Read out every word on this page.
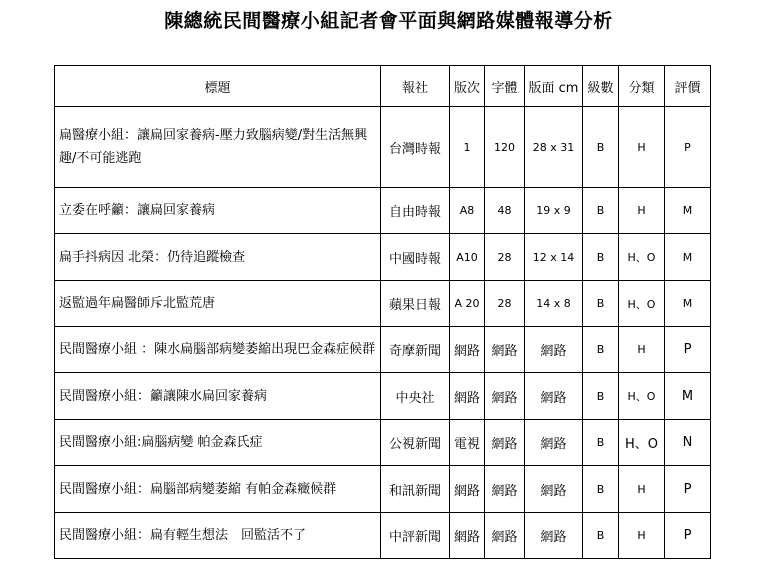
陳總統民間醫療小組記者會平面與網路媒體報導分析
標題	報社	版次	字體	版面 cm	級數	分類	評價
扁醫療小組：讓扁回家養病-壓力致腦病變/對生活無興趣/不可能逃跑	台灣時報	1	120	28 x 31	B	H	P
立委在呼籲：讓扁回家養病	自由時報	A8	48	19 x 9	B	H	M
扁手抖病因 北榮：仍待追蹤檢查	中國時報	A10	28	12 x 14	B	H、O	M
返監過年扁醫師斥北監荒唐	蘋果日報	A 20	28	14 x 8	B	H、O	M
民間醫療小組 ：陳水扁腦部病變萎縮出現巴金森症候群	奇摩新聞	網路	網路	網路	B	H	P
民間醫療小組：籲讓陳水扁回家養病	中央社	網路	網路	網路	B	H、O	M
民間醫療小組:扁腦病變 帕金森氏症	公視新聞	電視	網路	網路	B	H、O	N
民間醫療小組：扁腦部病變萎縮 有帕金森癥候群	和訊新聞	網路	網路	網路	B	H	P
民間醫療小組：扁有輕生想法　回監活不了	中評新聞	網路	網路	網路	B	H	P
